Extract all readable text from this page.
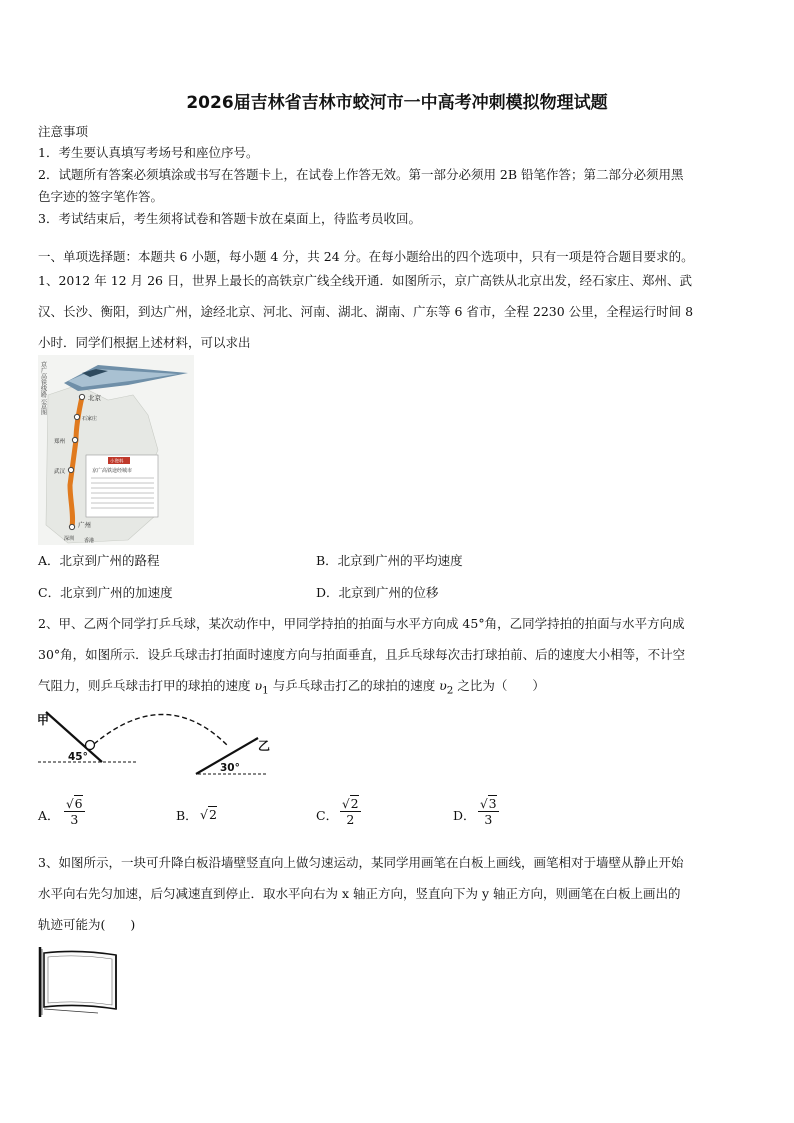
2026届吉林省吉林市蛟河市一中高考冲刺模拟物理试题
注意事项
1．考生要认真填写考场号和座位序号。
2．试题所有答案必须填涂或书写在答题卡上，在试卷上作答无效。第一部分必须用 2B 铅笔作答；第二部分必须用黑
色字迹的签字笔作答。
3．考试结束后，考生须将试卷和答题卡放在桌面上，待监考员收回。
一、单项选择题：本题共 6 小题，每小题 4 分，共 24 分。在每小题给出的四个选项中，只有一项是符合题目要求的。
1、2012 年 12 月 26 日，世界上最长的高铁京广线全线开通．如图所示，京广高铁从北京出发，经石家庄、郑州、武
汉、长沙、衡阳，到达广州，途经北京、河北、河南、湖北、湖南、广东等 6 省市，全程 2230 公里，全程运行时间 8
小时．同学们根据上述材料，可以求出
京广高铁线路示意图	北京
石家庄
郑州
武汉
广州
深圳 香港
小资料
京广高铁途经城市
A．北京到广州的路程	B．北京到广州的平均速度
C．北京到广州的加速度	D．北京到广州的位移
2、甲、乙两个同学打乒乓球，某次动作中，甲同学持拍的拍面与水平方向成 45°角，乙同学持拍的拍面与水平方向成
30°角，如图所示．设乒乓球击打拍面时速度方向与拍面垂直，且乒乓球每次击打球拍前、后的速度大小相等，不计空
气阻力，则乒乓球击打甲的球拍的速度 $\upsilon_1$ 与乒乓球击打乙的球拍的速度 $\upsilon_2$ 之比为（　　）
甲
乙
45°
30°
A． $\frac{√6}{3}$	B． √2	C． $\frac{√2}{2}$	D． $\frac{√3}{3}$
3、如图所示，一块可升降白板沿墙壁竖直向上做匀速运动，某同学用画笔在白板上画线，画笔相对于墙壁从静止开始
水平向右先匀加速，后匀减速直到停止．取水平向右为 x 轴正方向，竖直向下为 y 轴正方向，则画笔在白板上画出的
轨迹可能为(　　)
